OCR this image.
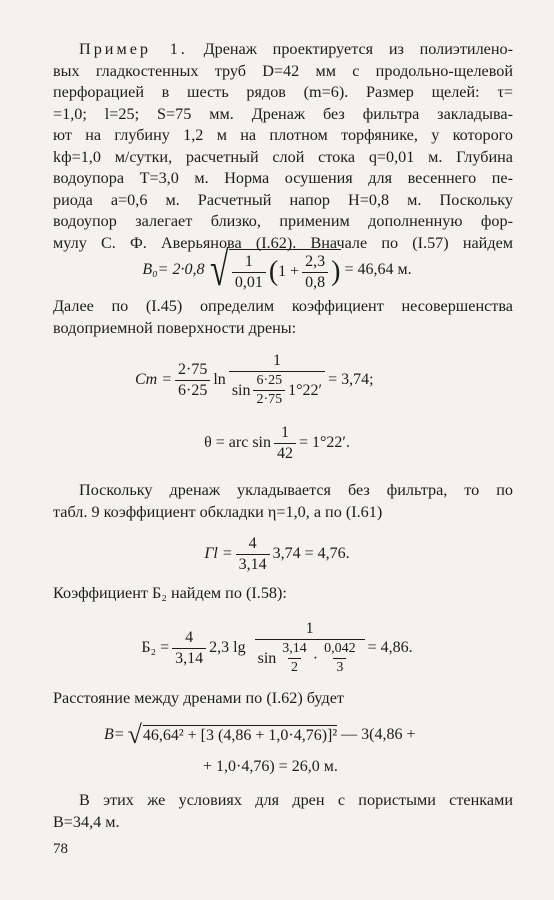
Пример 1. Дренаж проектируется из полиэтилено-
вых гладкостенных труб D=42 мм с продольно-щелевой
перфорацией в шесть рядов (m=6). Размер щелей: τ=
=1,0; l=25; S=75 мм. Дренаж без фильтра закладыва-
ют на глубину 1,2 м на плотном торфянике, у которого
kф=1,0 м/сутки, расчетный слой стока q=0,01 м. Глубина
водоупора T=3,0 м. Норма осушения для весеннего пе-
риода a=0,6 м. Расчетный напор H=0,8 м. Поскольку
водоупор залегает близко, применим дополненную фор-
мулу С. Ф. Аверьянова (I.62). Вначале по (I.57) найдем
B₀= 2·0,8 √ $\frac{1}{0,01}$ ( $1 + \frac{2,3}{0,8}$ ) = 46,64 м.
Далее по (I.45) определим коэффициент несовершенства
водоприемной поверхности дрены:
$Cm = \frac{2\cdot 75}{6\cdot 25}$ $\ln \frac{1}{\sin \frac{6\cdot 25}{2\cdot 75} 1^\circ 22'} = 3,74$;
θ = arc $\sin \frac{1}{42} = 1^\circ 22'$.
Поскольку дренаж укладывается без фильтра, то по
табл. 9 коэффициент обкладки η=1,0, а по (I.61)
$\Gamma l = \frac{4}{3,14} 3,74 = 4,76$.
Коэффициент Б₂ найдем по (I.58):
$Б_2 = \frac{4}{3,14} 2,3$ $\lg \frac{1}{\sin \frac{3,14}{2} \cdot \frac{0,042}{3}} = 4,86$.
Расстояние между дренами по (I.62) будет
B= √ 46,64² + [3 (4,86 + 1,0·4,76)]² — 3(4,86 +
+ 1,0·4,76) = 26,0 м.
В этих же условиях для дрен с пористыми стенками
B=34,4 м.
78
